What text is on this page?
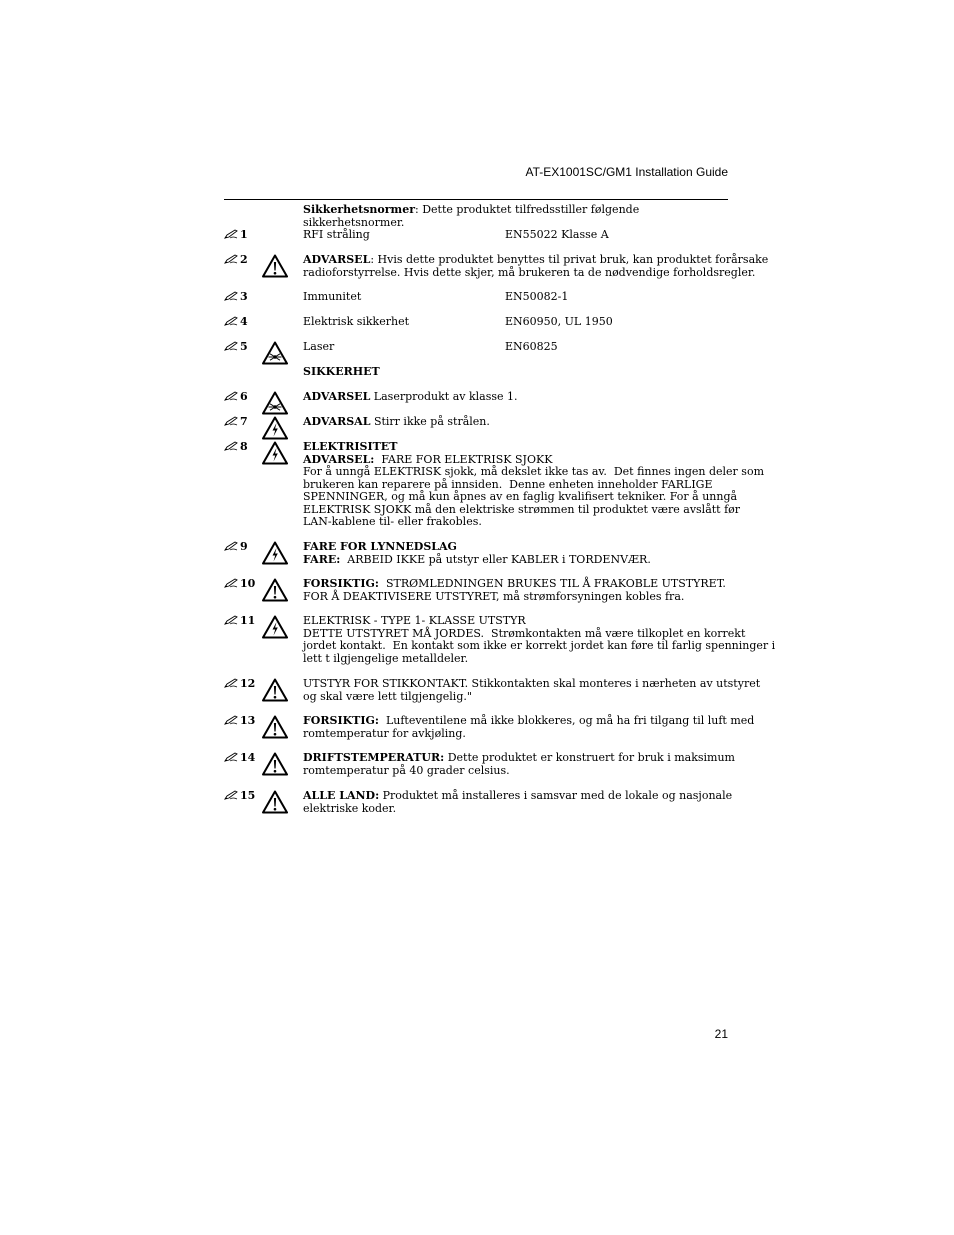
AT-EX1001SC/GM1 Installation Guide
Sikkerhetsnormer: Dette produktet tilfredsstiller følgende sikkerhetsnormer.
1	RFI stråling	EN55022 Klasse A
2	ADVARSEL: Hvis dette produktet benyttes til privat bruk, kan produktet forårsake
radioforstyrrelse. Hvis dette skjer, må brukeren ta de nødvendige forholdsregler.
3	Immunitet	EN50082-1
4	Elektrisk sikkerhet	EN60950, UL 1950
5	Laser	EN60825
SIKKERHET
6	ADVARSEL Laserprodukt av klasse 1.
7	ADVARSAL Stirr ikke på strålen.
8	ELEKTRISITET
ADVARSEL:  FARE FOR ELEKTRISK SJOKK
For å unngå ELEKTRISK sjokk, må dekslet ikke tas av.  Det finnes ingen deler som
brukeren kan reparere på innsiden.  Denne enheten inneholder FARLIGE
SPENNINGER, og må kun åpnes av en faglig kvalifisert tekniker. For å unngå
ELEKTRISK SJOKK må den elektriske strømmen til produktet være avslått før
LAN-kablene til- eller frakobles.
9	FARE FOR LYNNEDSLAG
FARE:  ARBEID IKKE på utstyr eller KABLER i TORDENVÆR.
10	FORSIKTIG:  STRØMLEDNINGEN BRUKES TIL Å FRAKOBLE UTSTYRET.
FOR Å DEAKTIVISERE UTSTYRET, må strømforsyningen kobles fra.
11	ELEKTRISK - TYPE 1- KLASSE UTSTYR
DETTE UTSTYRET MÅ JORDES.  Strømkontakten må være tilkoplet en korrekt
jordet kontakt.  En kontakt som ikke er korrekt jordet kan føre til farlig spenninger i
lett t ilgjengelige metalldeler.
12	UTSTYR FOR STIKKONTAKT. Stikkontakten skal monteres i nærheten av utstyret
og skal være lett tilgjengelig."
13	FORSIKTIG:  Lufteventilene må ikke blokkeres, og må ha fri tilgang til luft med
romtemperatur for avkjøling.
14	DRIFTSTEMPERATUR: Dette produktet er konstruert for bruk i maksimum
romtemperatur på 40 grader celsius.
15	ALLE LAND: Produktet må installeres i samsvar med de lokale og nasjonale
elektriske koder.
21
